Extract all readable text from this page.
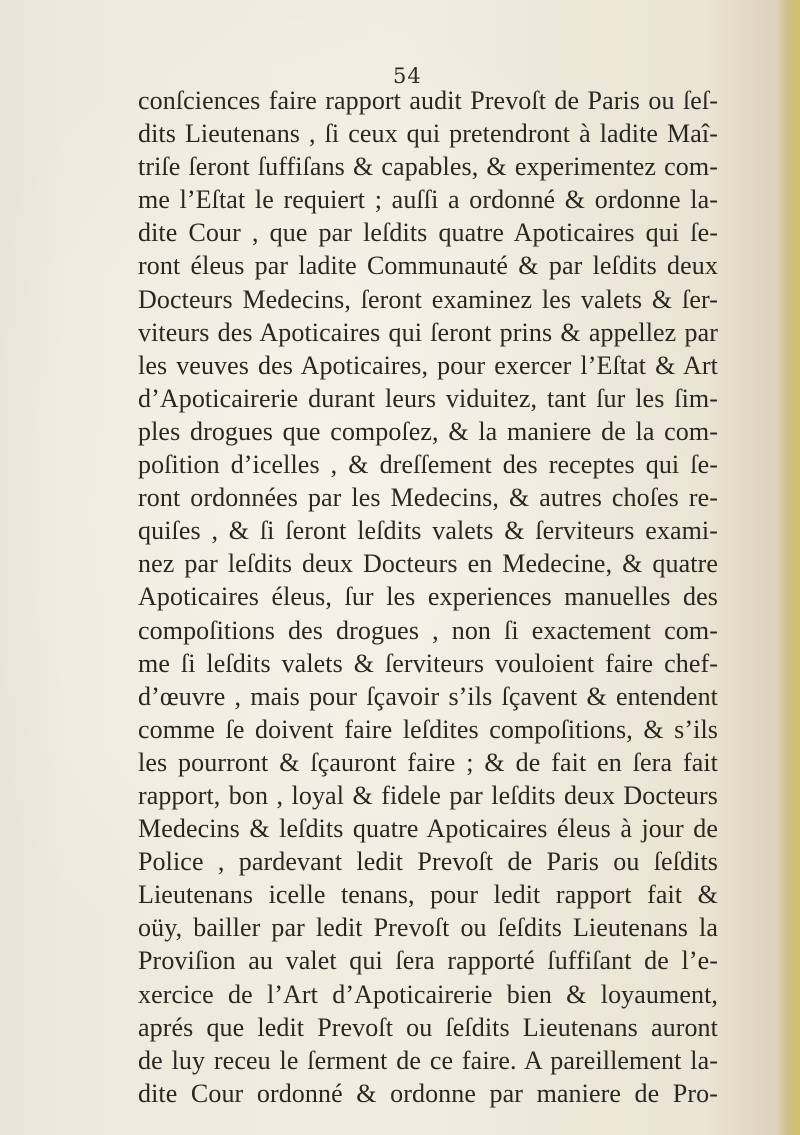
54
conſciences faire rapport audit Prevoſt de Paris ou ſeſ-
dits Lieutenans , ſi ceux qui pretendront à ladite Maî-
triſe ſeront ſuffiſans & capables, & experimentez com-
me l’Eſtat le requiert ; auſſi a ordonné & ordonne la-
dite Cour , que par leſdits quatre Apoticaires qui ſe-
ront éleus par ladite Communauté & par leſdits deux
Docteurs Medecins, ſeront examinez les valets & ſer-
viteurs des Apoticaires qui ſeront prins & appellez par
les veuves des Apoticaires, pour exercer l’Eſtat & Art
d’Apoticairerie durant leurs viduitez, tant ſur les ſim-
ples drogues que compoſez, & la maniere de la com-
poſition d’icelles , & dreſſement des receptes qui ſe-
ront ordonnées par les Medecins, & autres choſes re-
quiſes , & ſi ſeront leſdits valets & ſerviteurs exami-
nez par leſdits deux Docteurs en Medecine, & quatre
Apoticaires éleus, ſur les experiences manuelles des
compoſitions des drogues , non ſi exactement com-
me ſi leſdits valets & ſerviteurs vouloient faire chef-
d’œuvre , mais pour ſçavoir s’ils ſçavent & entendent
comme ſe doivent faire leſdites compoſitions, & s’ils
les pourront & ſçauront faire ; & de fait en ſera fait
rapport, bon , loyal & fidele par leſdits deux Docteurs
Medecins & leſdits quatre Apoticaires éleus à jour de
Police , pardevant ledit Prevoſt de Paris ou ſeſdits
Lieutenans icelle tenans, pour ledit rapport fait &
oüy, bailler par ledit Prevoſt ou ſeſdits Lieutenans la
Proviſion au valet qui ſera rapporté ſuffiſant de l’e-
xercice de l’Art d’Apoticairerie bien & loyaument,
aprés que ledit Prevoſt ou ſeſdits Lieutenans auront
de luy receu le ſerment de ce faire. A pareillement la-
dite Cour ordonné & ordonne par maniere de Pro-
